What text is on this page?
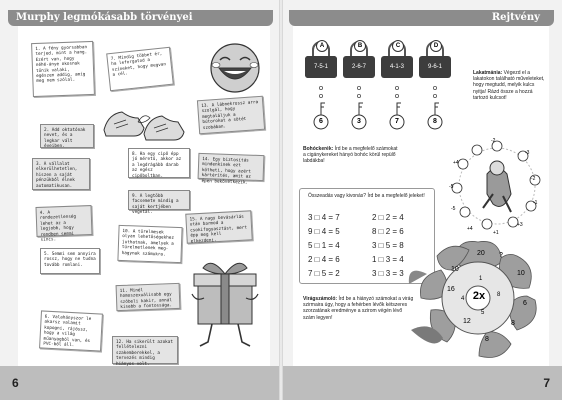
Murphy legmókásabb törvényei
1. A fény gyorsabban terjed, mint a hang. Ezért van, hogy néhé-ánye okosnak tűnik valaki, egészen addig, amíg meg nem szólal.
7. Mindig többet ér, ha leforgatod a színeket, hogy megvan a cél.
13. A lábnekrossz arra szolgál, hogy megtaláljuk a bútorokat a sötét szobában.
2. Add oktatónak nevet, és a legkar vált éveiben.
8. Ha egy cipő épp jó méretű, akkor az a legdrágább darab az egész cipőboltban.
3. A vállalat elkerülhetetlen, hiszen a saját pénzükből élnek automatikusan.
14. Egy biztosítás mindenkinek ezt kötheti, hogy azért kártérítés, amit az épen bekövetkezik.
9. A legtöbb facsemete mindig a saját kertjében vegetál.
4. A rendezetlenség lehet az a legjobb, hogy rendben semmi sincs.
15. A nagy bevásárlás után barmod a csokifogyasztást, mert épp meg kell elkezdeni.
10. A türelmesek olyan lehetőségekhez juthatnak, amelyek a türelmetlenek meg-hagynak számukra.
5. Semmi sem annyira rossz, hogy ne tudna tovább romlani.
11. Minél homoszexuálisabb egy szóbeli kakir, annál kisebb a fontossága.
6. Valahányszor le akarsz valamit kopogni, rájössz, hogy a világ műanyagból van, és PVC-ből áll.	12. Ha sikerült azokat fellételezni szakemberekkel, a tervezés mindig hiányos volt.
6
Rejtvény
A	B	C	D
7-5-1	2-6-7	4-1-3	9-6-1
6	3	7	8
Lakatmánia: Végezd el a lakatokon található műveleteket, hogy megtudd, melyik kulcs nyitja! Rázd össze a hozzá tartozó kulcsot!
Bohóckerék: Írd be a megfelelő számokat a cigánykereket hányó bohóc körül repülő labdákba!
-2
-3
+4
-2
-5
-1
-5
+3
+4
+1
Összeadás vagy kivonás? Írd be a megfelelő jeleket!
3 □ 4 = 7
9 □ 4 = 5
5 □ 1 = 4
2 □ 4 = 6
7 □ 5 = 2
2 □ 2 = 4
8 □ 2 = 6
3 □ 5 = 8
1 □ 3 = 4
3 □ 3 = 3
2x
1
8
5
4
20
16
10
6
12	8
8
10
?
Virágszámoló: Írd be a hiányzó számokat a virág szirmaira úgy, hogy a fehérben lévők kétszeres szorzatának eredménye a szirom végén lévő szám legyen!
7
